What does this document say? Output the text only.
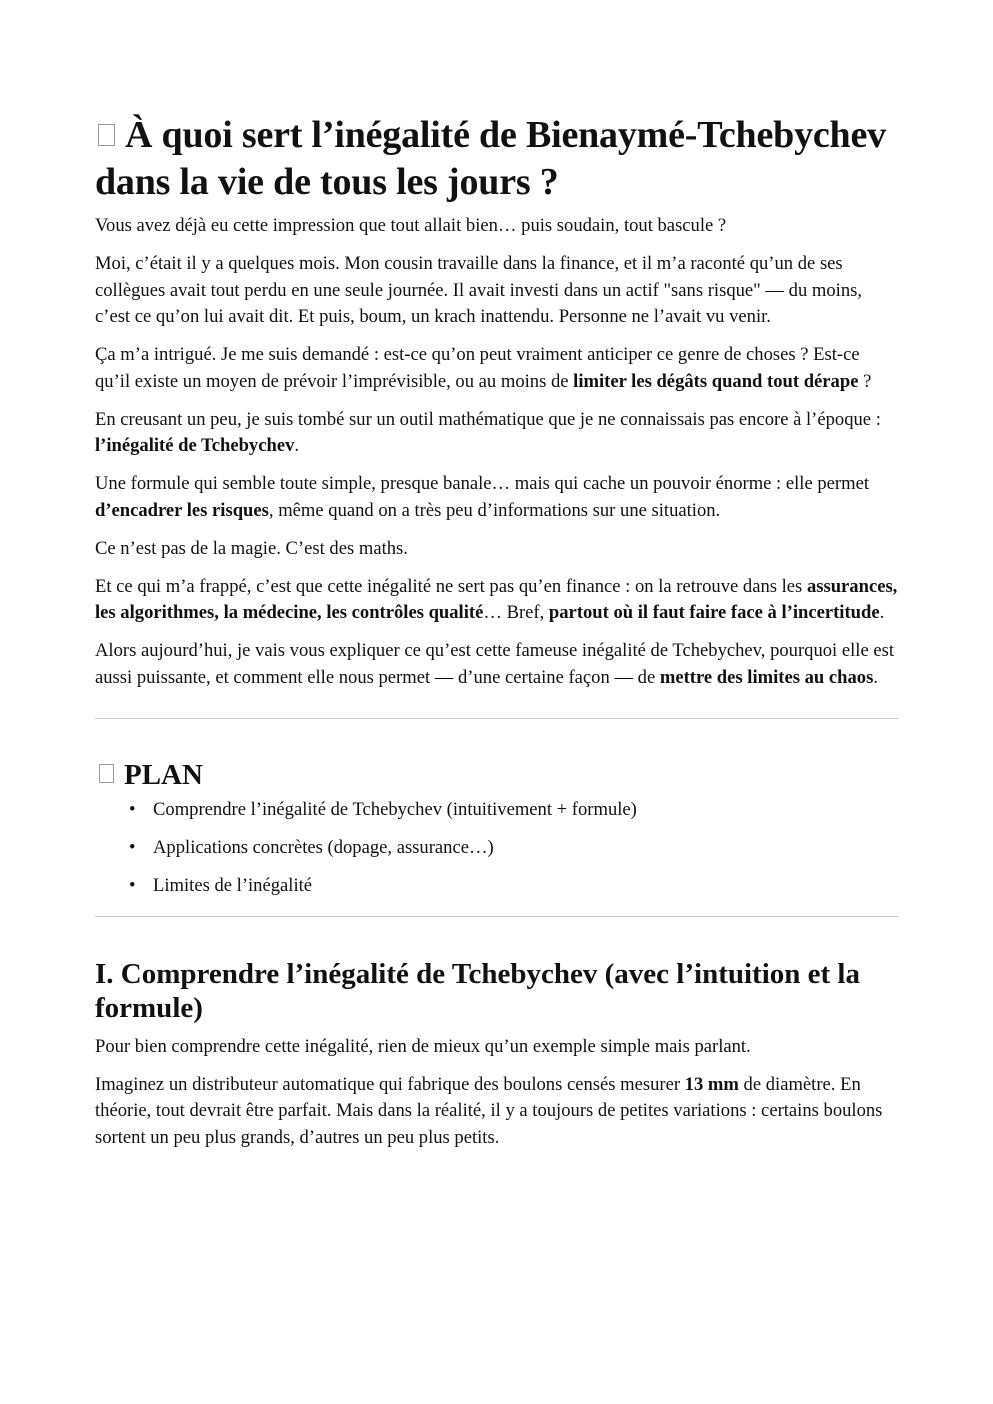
À quoi sert l’inégalité de Bienaymé-Tchebychev dans la vie de tous les jours ?

Vous avez déjà eu cette impression que tout allait bien… puis soudain, tout bascule ?

Moi, c’était il y a quelques mois. Mon cousin travaille dans la finance, et il m’a raconté qu’un de ses collègues avait tout perdu en une seule journée. Il avait investi dans un actif "sans risque" — du moins, c’est ce qu’on lui avait dit. Et puis, boum, un krach inattendu. Personne ne l’avait vu venir.

Ça m’a intrigué. Je me suis demandé : est-ce qu’on peut vraiment anticiper ce genre de choses ? Est-ce qu’il existe un moyen de prévoir l’imprévisible, ou au moins de limiter les dégâts quand tout dérape ?

En creusant un peu, je suis tombé sur un outil mathématique que je ne connaissais pas encore à l’époque : l’inégalité de Tchebychev.

Une formule qui semble toute simple, presque banale… mais qui cache un pouvoir énorme : elle permet d’encadrer les risques, même quand on a très peu d’informations sur une situation.

Ce n’est pas de la magie. C’est des maths.

Et ce qui m’a frappé, c’est que cette inégalité ne sert pas qu’en finance : on la retrouve dans les assurances, les algorithmes, la médecine, les contrôles qualité… Bref, partout où il faut faire face à l’incertitude.

Alors aujourd’hui, je vais vous expliquer ce qu’est cette fameuse inégalité de Tchebychev, pourquoi elle est aussi puissante, et comment elle nous permet — d’une certaine façon — de mettre des limites au chaos.

PLAN
• Comprendre l’inégalité de Tchebychev (intuitivement + formule)
• Applications concrètes (dopage, assurance…)
• Limites de l’inégalité
I. Comprendre l’inégalité de Tchebychev (avec l’intuition et la formule)

Pour bien comprendre cette inégalité, rien de mieux qu’un exemple simple mais parlant.

Imaginez un distributeur automatique qui fabrique des boulons censés mesurer 13 mm de diamètre. En théorie, tout devrait être parfait. Mais dans la réalité, il y a toujours de petites variations : certains boulons sortent un peu plus grands, d’autres un peu plus petits.
